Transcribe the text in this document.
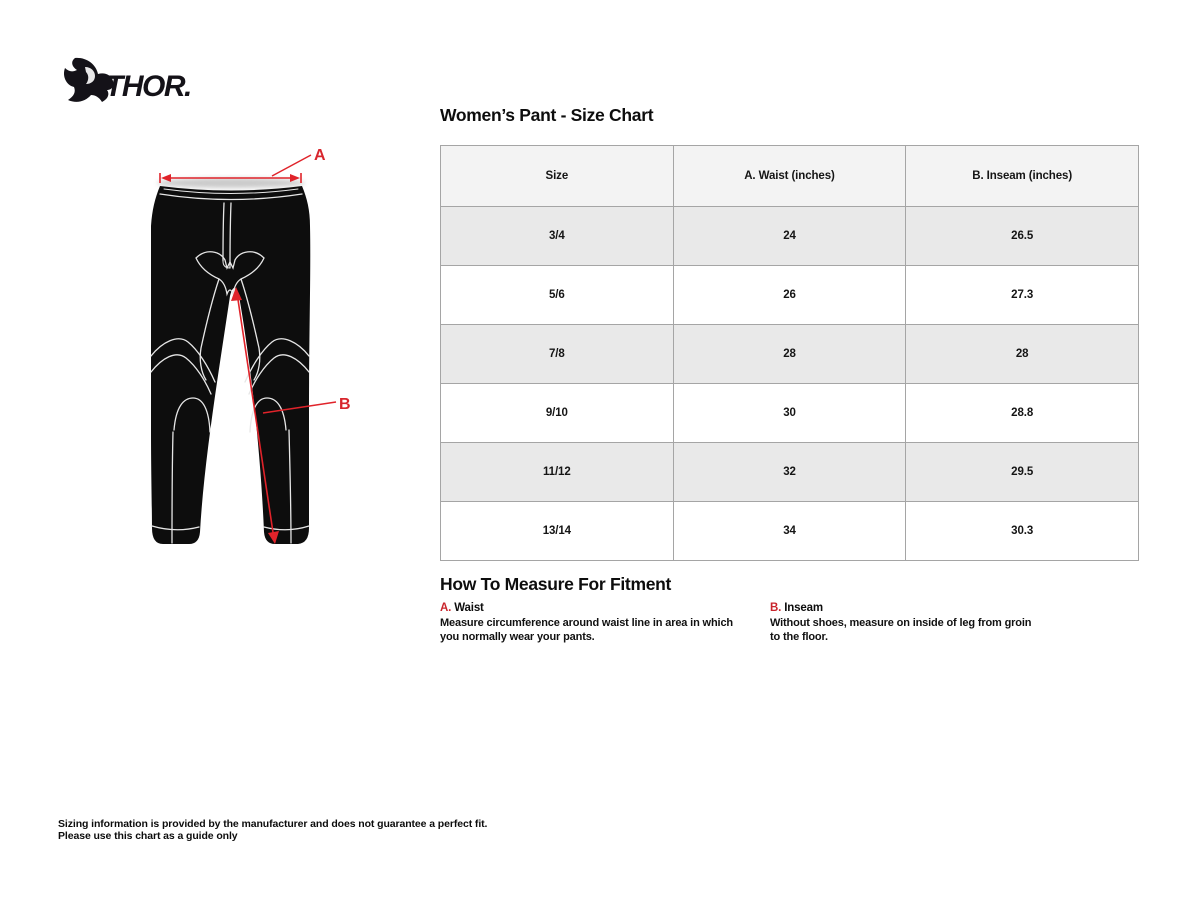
THOR.
A
B
Women’s Pant - Size Chart
Size	A. Waist (inches)	B. Inseam (inches)
3/4	24	26.5
5/6	26	27.3
7/8	28	28
9/10	30	28.8
11/12	32	29.5
13/14	34	30.3
How To Measure For Fitment
A. Waist
Measure circumference around waist line in area in which you normally wear your pants.
B. Inseam
Without shoes, measure on inside of leg from groin to the floor.
Sizing information is provided by the manufacturer and does not guarantee a perfect fit.
Please use this chart as a guide only
